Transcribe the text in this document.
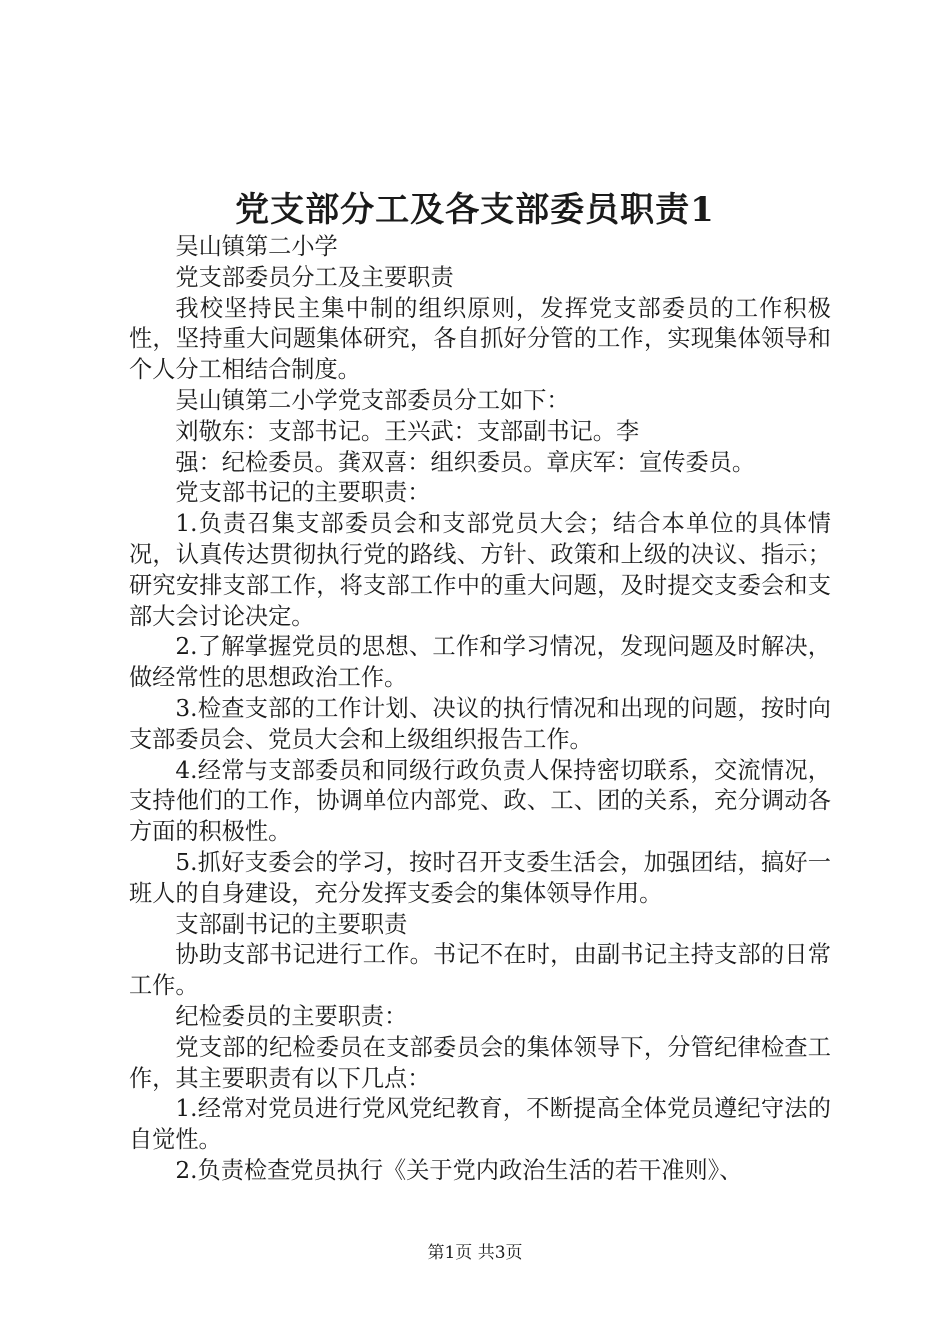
党支部分工及各支部委员职责1

吴山镇第二小学

党支部委员分工及主要职责

我校坚持民主集中制的组织原则，发挥党支部委员的工作积极性，坚持重大问题集体研究，各自抓好分管的工作，实现集体领导和个人分工相结合制度。

吴山镇第二小学党支部委员分工如下：

刘敬东：支部书记。王兴武：支部副书记。李

强：纪检委员。龚双喜：组织委员。章庆军：宣传委员。

党支部书记的主要职责：

1.负责召集支部委员会和支部党员大会；结合本单位的具体情况，认真传达贯彻执行党的路线、方针、政策和上级的决议、指示；研究安排支部工作，将支部工作中的重大问题，及时提交支委会和支部大会讨论决定。

2.了解掌握党员的思想、工作和学习情况，发现问题及时解决，做经常性的思想政治工作。

3.检查支部的工作计划、决议的执行情况和出现的问题，按时向支部委员会、党员大会和上级组织报告工作。

4.经常与支部委员和同级行政负责人保持密切联系，交流情况，支持他们的工作，协调单位内部党、政、工、团的关系，充分调动各方面的积极性。

5.抓好支委会的学习，按时召开支委生活会，加强团结，搞好一班人的自身建设，充分发挥支委会的集体领导作用。

支部副书记的主要职责

协助支部书记进行工作。书记不在时，由副书记主持支部的日常工作。

纪检委员的主要职责：

党支部的纪检委员在支部委员会的集体领导下，分管纪律检查工作，其主要职责有以下几点：

1.经常对党员进行党风党纪教育，不断提高全体党员遵纪守法的自觉性。

2.负责检查党员执行《关于党内政治生活的若干准则》、

第1页 共3页
